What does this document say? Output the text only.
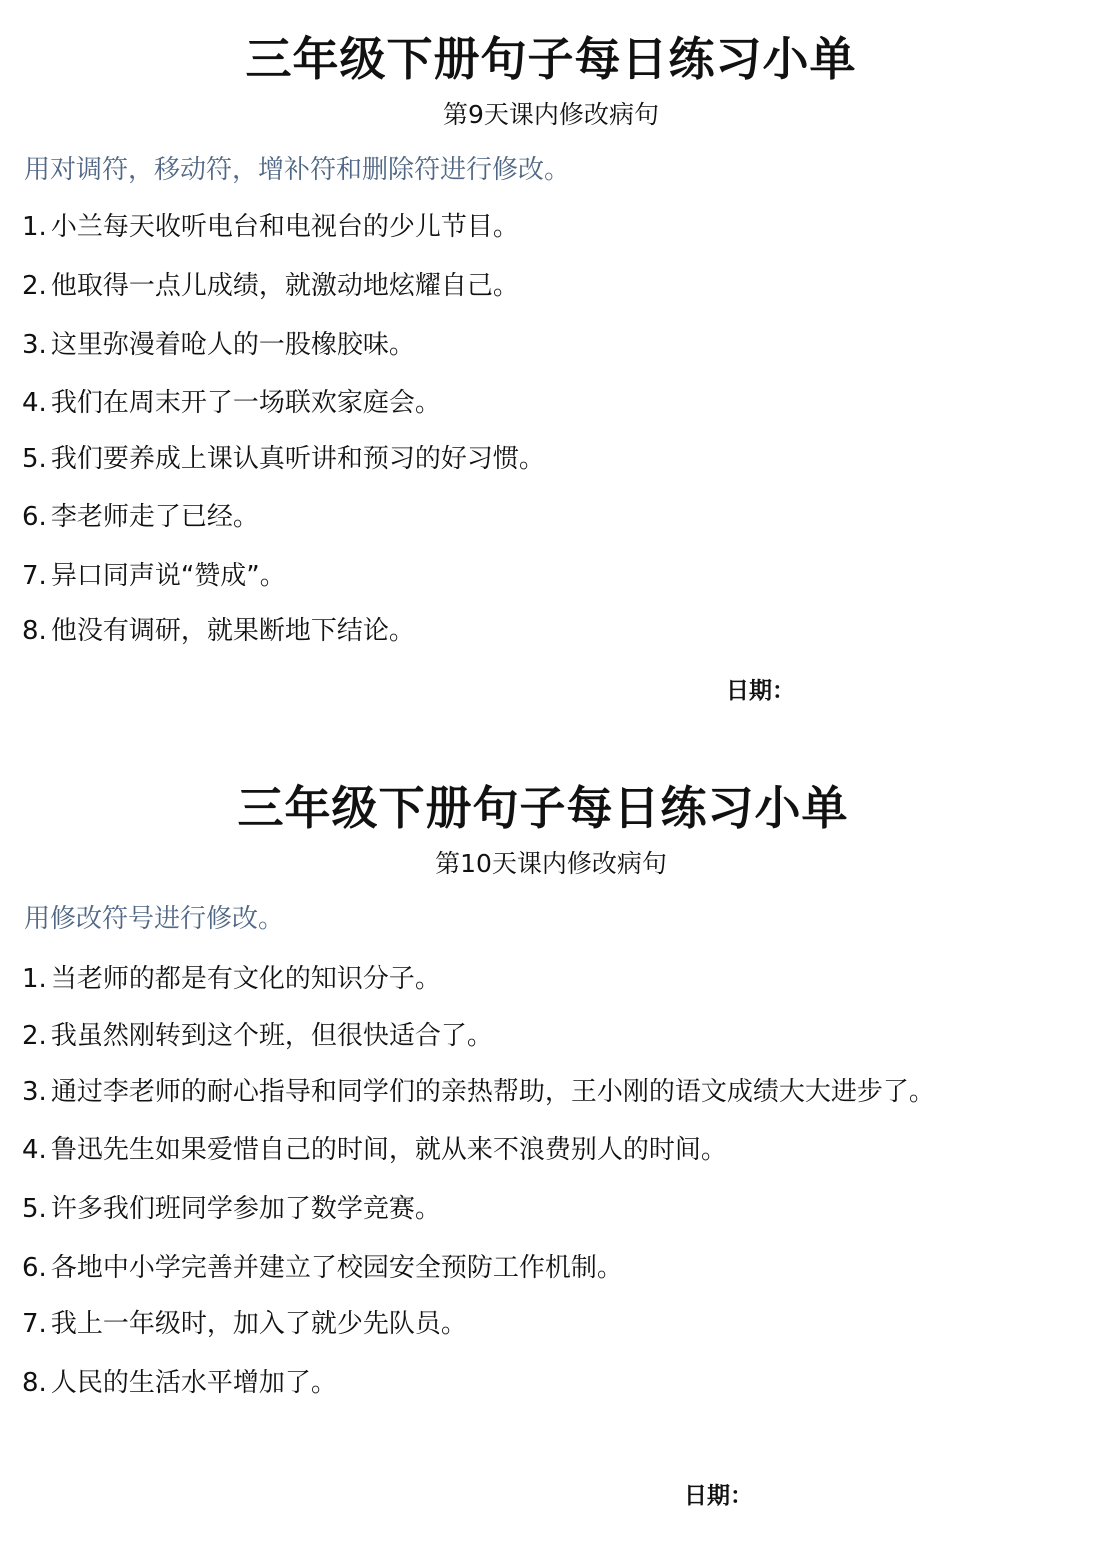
三年级下册句子每日练习小单
第9天课内修改病句
用对调符，移动符，增补符和删除符进行修改。
1. 小兰每天收听电台和电视台的少儿节目。
2. 他取得一点儿成绩，就激动地炫耀自己。
3. 这里弥漫着呛人的一股橡胶味。
4. 我们在周末开了一场联欢家庭会。
5. 我们要养成上课认真听讲和预习的好习惯。
6. 李老师走了已经。
7. 异口同声说“赞成”。
8. 他没有调研，就果断地下结论。
日期：
三年级下册句子每日练习小单
第10天课内修改病句
用修改符号进行修改。
1. 当老师的都是有文化的知识分子。
2. 我虽然刚转到这个班，但很快适合了。
3. 通过李老师的耐心指导和同学们的亲热帮助，王小刚的语文成绩大大进步了。
4. 鲁迅先生如果爱惜自己的时间，就从来不浪费别人的时间。
5. 许多我们班同学参加了数学竞赛。
6. 各地中小学完善并建立了校园安全预防工作机制。
7. 我上一年级时，加入了就少先队员。
8. 人民的生活水平增加了。
日期：
